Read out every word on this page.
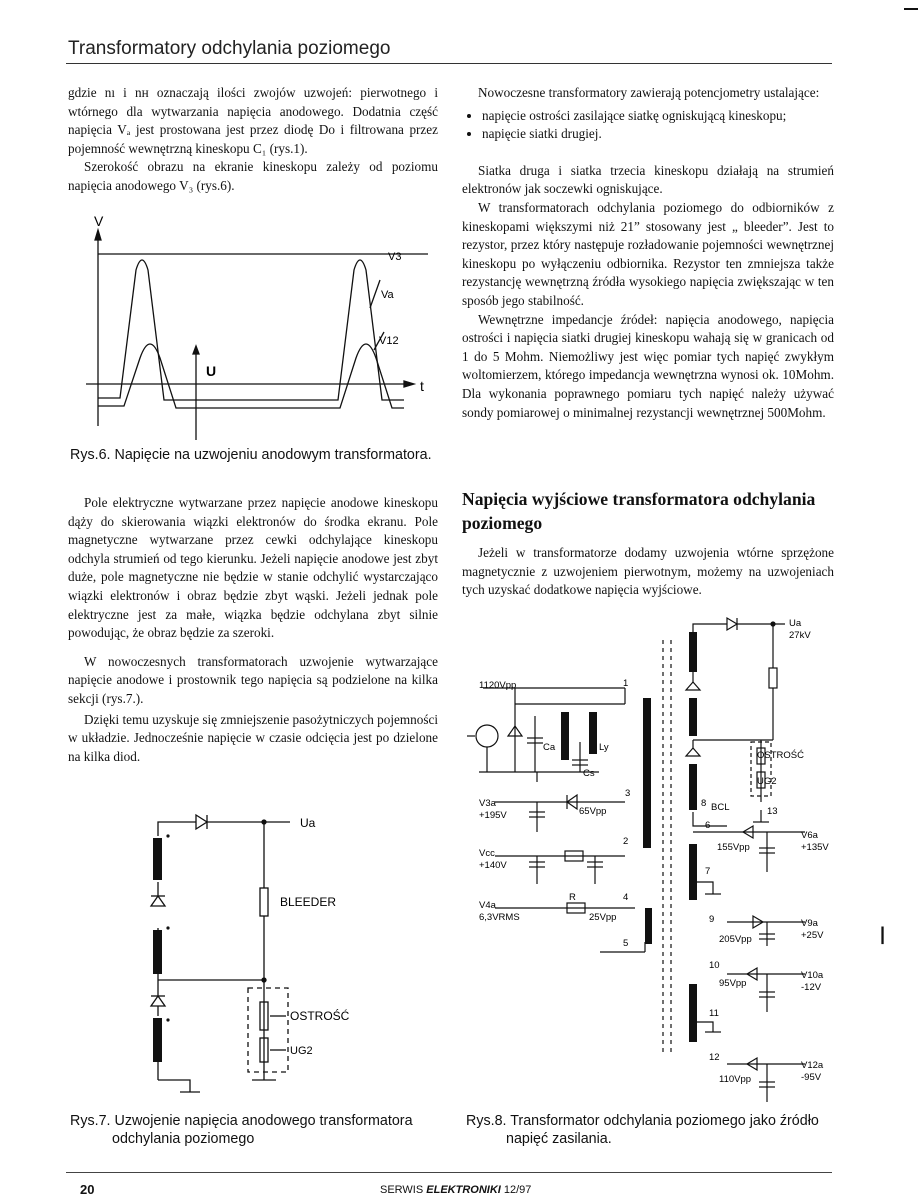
Transformatory odchylania poziomego

gdzie nı i nʜ oznaczają ilości zwojów uzwojeń: pierwotnego i wtórnego dla wytwarzania napięcia anodowego. Dodatnia część napięcia Vₐ jest prostowana jest przez diodę Do i filtrowana przez pojemność wewnętrzną kineskopu C₁ (rys.1).

Szerokość obrazu na ekranie kineskopu zależy od poziomu napięcia anodowego V₃ (rys.6).

V
V3
Va
V12
U
t
Rys.6. Napięcie na uzwojeniu anodowym transformatora.

Pole elektryczne wytwarzane przez napięcie anodowe kineskopu dąży do skierowania wiązki elektronów do środka ekranu. Pole magnetyczne wytwarzane przez cewki odchylające kineskopu odchyla strumień od tego kierunku. Jeżeli napięcie anodowe jest zbyt duże, pole magnetyczne nie będzie w stanie odchylić wystarczająco wiązki elektronów i obraz będzie zbyt wąski. Jeżeli jednak pole elektryczne jest za małe, wiązka będzie odchylana zbyt silnie powodując, że obraz będzie za szeroki.

W nowoczesnych transformatorach uzwojenie wytwarzające napięcie anodowe i prostownik tego napięcia są podzielone na kilka sekcji (rys.7.).

Dzięki temu uzyskuje się zmniejszenie pasożytniczych pojemności w układzie. Jednocześnie napięcie w czasie odcięcia jest po dzielone na kilka diod.

Ua
BLEEDER
OSTROŚĆ
UG2
Rys.7. Uzwojenie napięcia anodowego transformatora
odchylania poziomego

Nowoczesne transformatory zawierają potencjometry ustalające:

• napięcie ostrości zasilające siatkę ogniskującą kineskopu;
• napięcie siatki drugiej.

Siatka druga i siatka trzecia kineskopu działają na strumień elektronów jak soczewki ogniskujące.

W transformatorach odchylania poziomego do odbiorników z kineskopami większymi niż 21” stosowany jest „ bleeder”. Jest to rezystor, przez który następuje rozładowanie pojemności wewnętrznej kineskopu po wyłączeniu odbiornika. Rezystor ten zmniejsza także rezystancję wewnętrzną źródła wysokiego napięcia zwiększając w ten sposób jego stabilność.

Wewnętrzne impedancje źródeł: napięcia anodowego, napięcia ostrości i napięcia siatki drugiej kineskopu wahają się w granicach od 1 do 5 Mohm. Niemożliwy jest więc pomiar tych napięć zwykłym woltomierzem, którego impedancja wewnętrzna wynosi ok. 10Mohm. Dla wykonania poprawnego pomiaru tych napięć należy używać sondy pomiarowej o minimalnej rezystancji wewnętrznej 500Mohm.

Napięcia wyjściowe transformatora odchylania poziomego

Jeżeli w transformatorze dodamy uzwojenia wtórne sprzężone magnetycznie z uzwojeniem pierwotnym, możemy na uzwojeniach tych uzyskać dodatkowe napięcia wyjściowe.

1120Vpp	1
Ua
27kV
OSTROŚĆ
UG2
Ca	Ly
Cs
3
V3a
+195V	65Vpp
2
Vcc
+140V
R	4
V4a
6,3VRMS	25Vpp
5
8 BCL	13
6
155Vpp
V6a
+135V
7
9
205Vpp
V9a
+25V
10
95Vpp
V10a
-12V
11
12
110Vpp
V12a
-95V
Rys.8. Transformator odchylania poziomego jako źródło
napięć zasilania.
|
20	SERWIS ELEKTRONIKI 12/97
